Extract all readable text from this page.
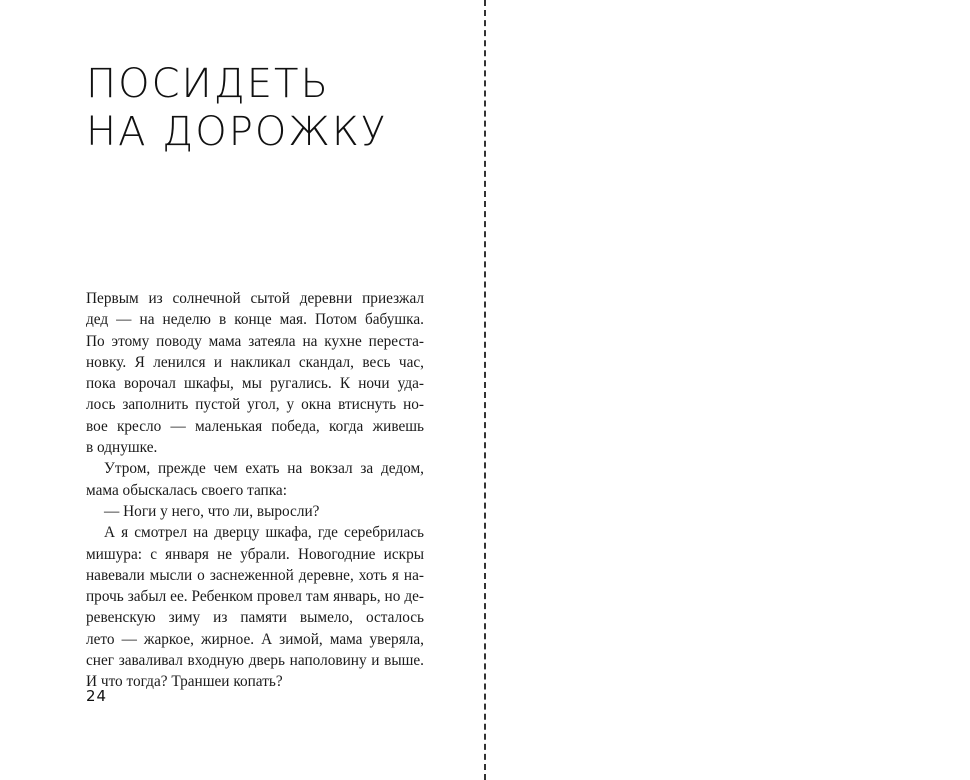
ПОСИДЕТЬ
НА ДОРОЖКУ
Первым из солнечной сытой деревни приезжал
дед — на неделю в конце мая. Потом бабушка.
По этому поводу мама затеяла на кухне переста-
новку. Я ленился и накликал скандал, весь час,
пока ворочал шкафы, мы ругались. К ночи уда-
лось заполнить пустой угол, у окна втиснуть но-
вое кресло — маленькая победа, когда живешь
в однушке.
Утром, прежде чем ехать на вокзал за дедом,
мама обыскалась своего тапка:
— Ноги у него, что ли, выросли?
А я смотрел на дверцу шкафа, где серебрилась
мишура: с января не убрали. Новогодние искры
навевали мысли о заснеженной деревне, хоть я на-
прочь забыл ее. Ребенком провел там январь, но де-
ревенскую зиму из памяти вымело, осталось
лето — жаркое, жирное. А зимой, мама уверяла,
снег заваливал входную дверь наполовину и выше.
И что тогда? Траншеи копать?
24
